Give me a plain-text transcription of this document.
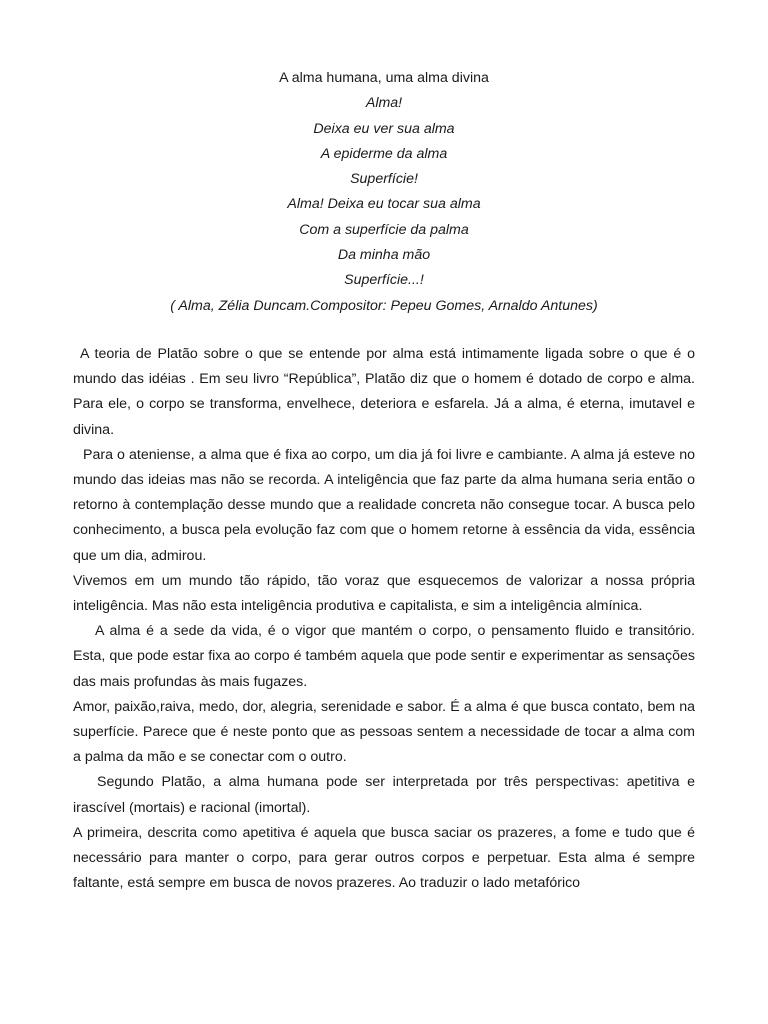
A alma humana, uma alma divina
Alma!
Deixa eu ver sua alma
A epiderme da alma
Superfície!
Alma! Deixa eu tocar sua alma
Com a superfície da palma
Da minha mão
Superfície...!
( Alma, Zélia Duncam.Compositor: Pepeu Gomes, Arnaldo Antunes)

A teoria de Platão sobre o que se entende por alma está intimamente ligada sobre o que é o mundo das idéias . Em seu livro “República”, Platão diz que o homem é dotado de corpo e alma. Para ele, o corpo se transforma, envelhece, deteriora e esfarela. Já a alma, é eterna, imutavel e divina.

Para o ateniense, a alma que é fixa ao corpo, um dia já foi livre e cambiante. A alma já esteve no mundo das ideias mas não se recorda. A inteligência que faz parte da alma humana seria então o retorno à contemplação desse mundo que a realidade concreta não consegue tocar. A busca pelo conhecimento, a busca pela evolução faz com que o homem retorne à essência da vida, essência que um dia, admirou.

Vivemos em um mundo tão rápido, tão voraz que esquecemos de valorizar a nossa própria inteligência. Mas não esta inteligência produtiva e capitalista, e sim a inteligência almínica.

A alma é a sede da vida, é o vigor que mantém o corpo, o pensamento fluido e transitório. Esta, que pode estar fixa ao corpo é também aquela que pode sentir e experimentar as sensações das mais profundas às mais fugazes.

Amor, paixão,raiva, medo, dor, alegria, serenidade e sabor. É a alma é que busca contato, bem na superfície. Parece que é neste ponto que as pessoas sentem a necessidade de tocar a alma com a palma da mão e se conectar com o outro.

Segundo Platão, a alma humana pode ser interpretada por três perspectivas: apetitiva e irascível (mortais) e racional (imortal).

A primeira, descrita como apetitiva é aquela que busca saciar os prazeres, a fome e tudo que é necessário para manter o corpo, para gerar outros corpos e perpetuar. Esta alma é sempre faltante, está sempre em busca de novos prazeres. Ao traduzir o lado metafórico
